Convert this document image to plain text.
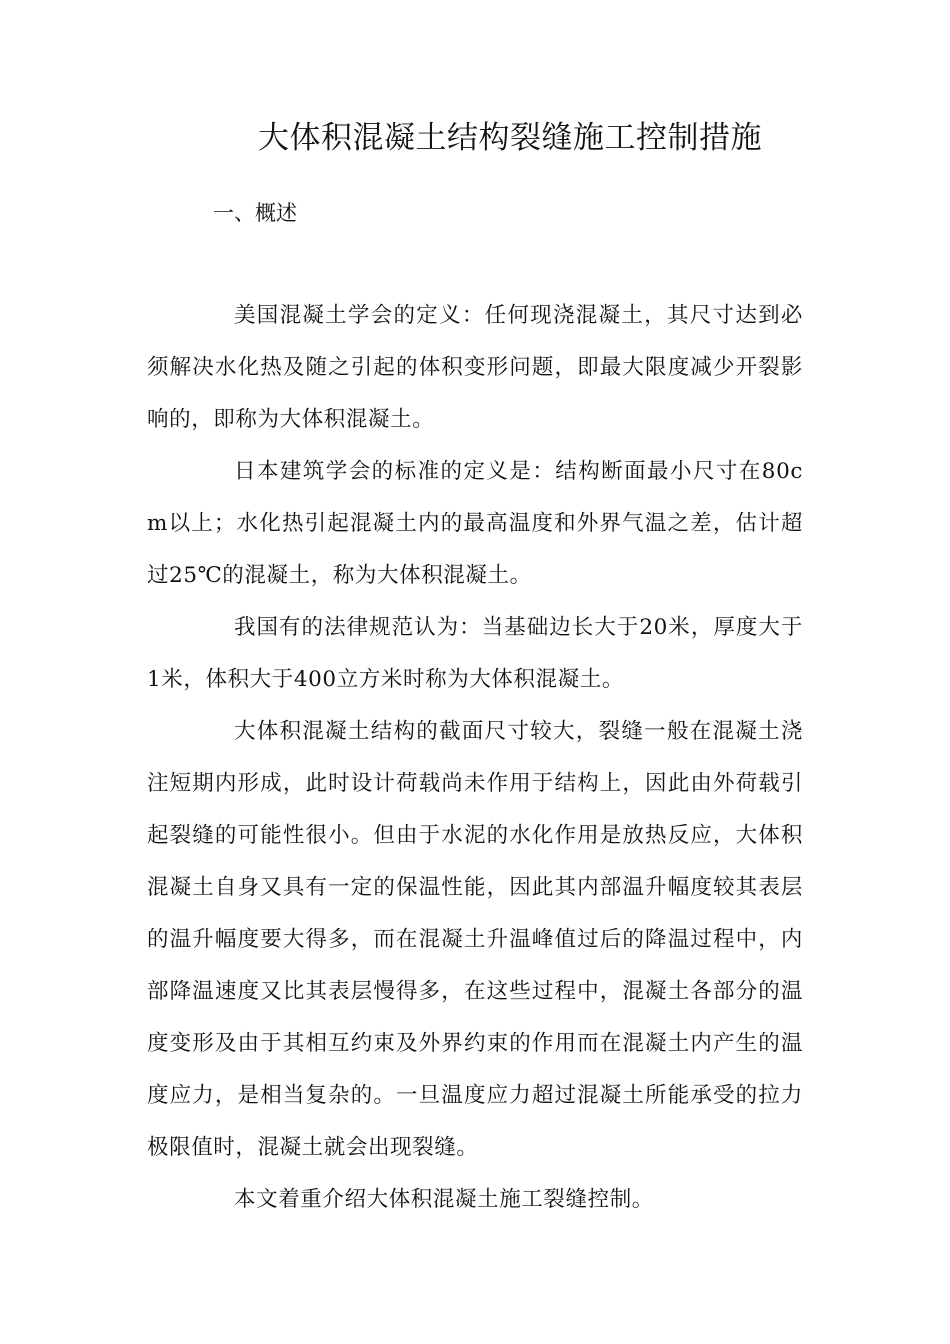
大体积混凝土结构裂缝施工控制措施
一、概述

美国混凝土学会的定义：任何现浇混凝土，其尺寸达到必须解决水化热及随之引起的体积变形问题，即最大限度减少开裂影响的，即称为大体积混凝土。

日本建筑学会的标准的定义是：结构断面最小尺寸在80cm以上；水化热引起混凝土内的最高温度和外界气温之差，估计超过25℃的混凝土，称为大体积混凝土。

我国有的法律规范认为：当基础边长大于20米，厚度大于1米，体积大于400立方米时称为大体积混凝土。

大体积混凝土结构的截面尺寸较大，裂缝一般在混凝土浇注短期内形成，此时设计荷载尚未作用于结构上，因此由外荷载引起裂缝的可能性很小。但由于水泥的水化作用是放热反应，大体积混凝土自身又具有一定的保温性能，因此其内部温升幅度较其表层的温升幅度要大得多，而在混凝土升温峰值过后的降温过程中，内部降温速度又比其表层慢得多，在这些过程中，混凝土各部分的温度变形及由于其相互约束及外界约束的作用而在混凝土内产生的温度应力，是相当复杂的。一旦温度应力超过混凝土所能承受的拉力极限值时，混凝土就会出现裂缝。

本文着重介绍大体积混凝土施工裂缝控制。
